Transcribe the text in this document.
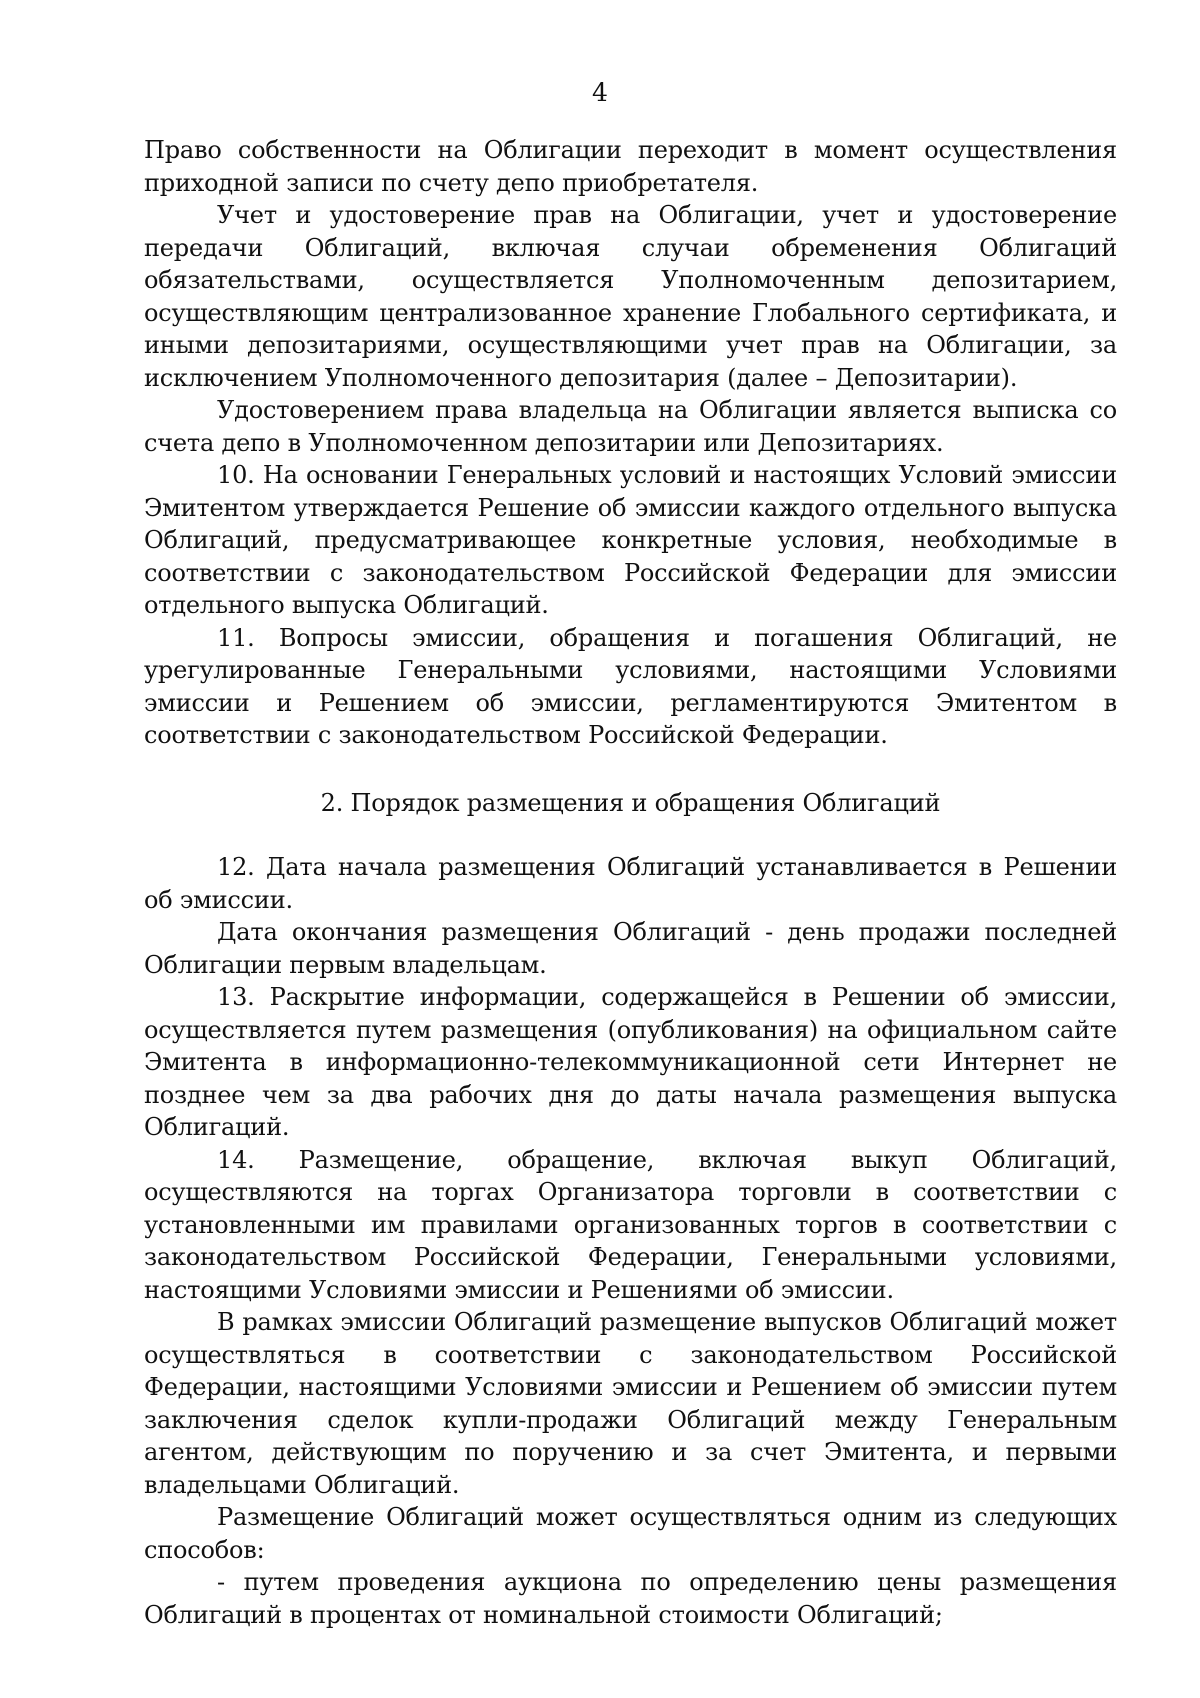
4

Право собственности на Облигации переходит в момент осуществления приходной записи по счету депо приобретателя.

Учет и удостоверение прав на Облигации, учет и удостоверение передачи Облигаций, включая случаи обременения Облигаций обязательствами, осуществляется Уполномоченным депозитарием, осуществляющим централизованное хранение Глобального сертификата, и иными депозитариями, осуществляющими учет прав на Облигации, за исключением Уполномоченного депозитария (далее – Депозитарии).

Удостоверением права владельца на Облигации является выписка со счета депо в Уполномоченном депозитарии или Депозитариях.

10. На основании Генеральных условий и настоящих Условий эмиссии Эмитентом утверждается Решение об эмиссии каждого отдельного выпуска Облигаций, предусматривающее конкретные условия, необходимые в соответствии с законодательством Российской Федерации для эмиссии отдельного выпуска Облигаций.

11. Вопросы эмиссии, обращения и погашения Облигаций, не урегулированные Генеральными условиями, настоящими Условиями эмиссии и Решением об эмиссии, регламентируются Эмитентом в соответствии с законодательством Российской Федерации.

2. Порядок размещения и обращения Облигаций

12. Дата начала размещения Облигаций устанавливается в Решении об эмиссии.

Дата окончания размещения Облигаций - день продажи последней Облигации первым владельцам.

13. Раскрытие информации, содержащейся в Решении об эмиссии, осуществляется путем размещения (опубликования) на официальном сайте Эмитента в информационно-телекоммуникационной сети Интернет не позднее чем за два рабочих дня до даты начала размещения выпуска Облигаций.

14. Размещение, обращение, включая выкуп Облигаций, осуществляются на торгах Организатора торговли в соответствии с установленными им правилами организованных торгов в соответствии с законодательством Российской Федерации, Генеральными условиями, настоящими Условиями эмиссии и Решениями об эмиссии.

В рамках эмиссии Облигаций размещение выпусков Облигаций может осуществляться в соответствии с законодательством Российской Федерации, настоящими Условиями эмиссии и Решением об эмиссии путем заключения сделок купли-продажи Облигаций между Генеральным агентом, действующим по поручению и за счет Эмитента, и первыми владельцами Облигаций.

Размещение Облигаций может осуществляться одним из следующих способов:

- путем проведения аукциона по определению цены размещения Облигаций в процентах от номинальной стоимости Облигаций;
